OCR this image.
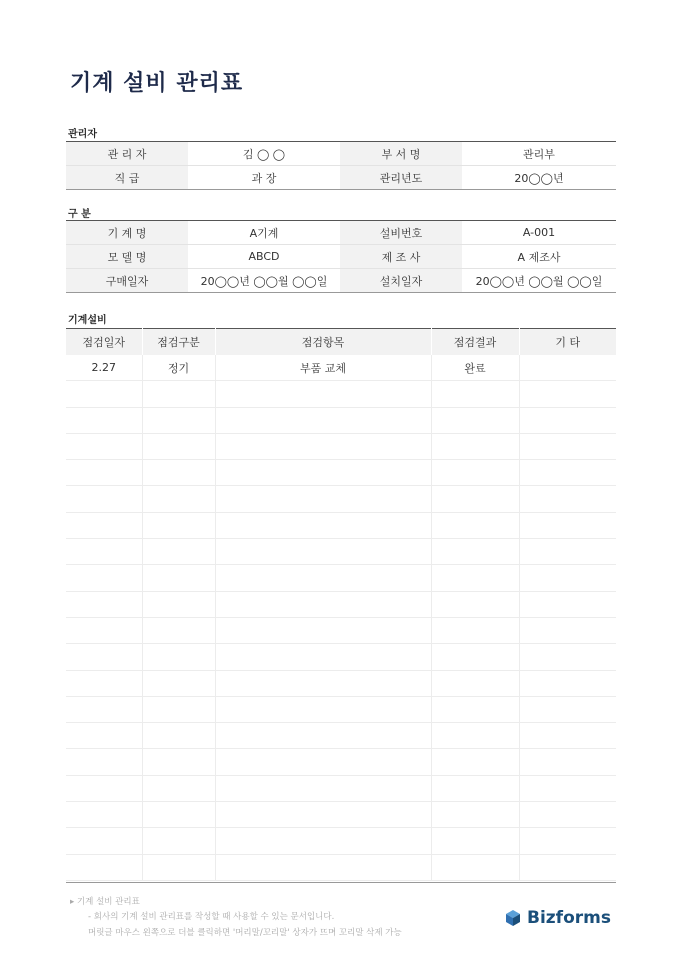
기계 설비 관리표
관리자
관 리 자	김 ◯ ◯	부 서 명	관리부
직 급	과 장	관리년도	20◯◯년
구 분
기 계 명	A기계	설비번호	A-001
모 델 명	ABCD	제 조 사	A 제조사
구매일자	20◯◯년 ◯◯월 ◯◯일	설치일자	20◯◯년 ◯◯월 ◯◯일
기계설비
점검일자	점검구분	점검항목	점검결과	기 타
2.27	정기	부품 교체	완료	

▸ 기계 설비 관리표
- 회사의 기계 설비 관리표를 작성할 때 사용할 수 있는 문서입니다.
머릿글 마우스 왼쪽으로 더블 클릭하면 '머리말/꼬리말' 상자가 뜨며 꼬리말 삭제 가능
Bizforms
